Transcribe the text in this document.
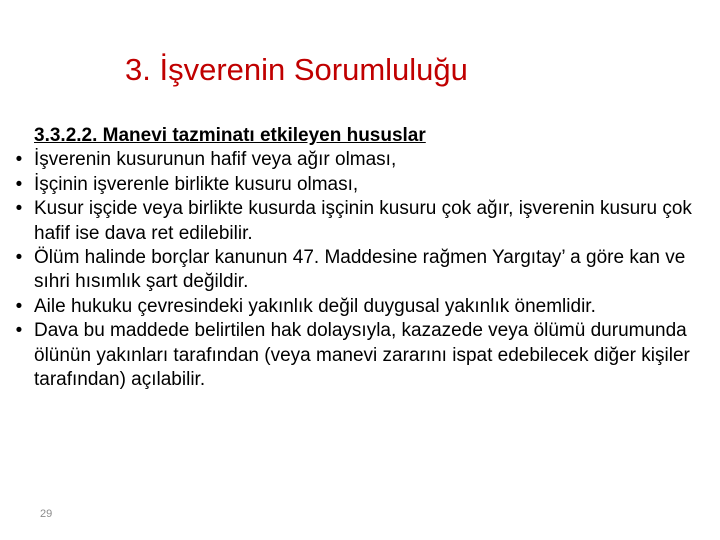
3. İşverenin Sorumluluğu
3.3.2.2. Manevi tazminatı etkileyen hususlar
• İşverenin kusurunun hafif veya ağır olması,
• İşçinin işverenle birlikte kusuru olması,
• Kusur işçide veya birlikte kusurda işçinin kusuru çok ağır, işverenin kusuru çok hafif ise dava ret edilebilir.
• Ölüm halinde borçlar kanunun 47. Maddesine rağmen Yargıtay’ a göre kan ve sıhri hısımlık şart değildir.
• Aile hukuku çevresindeki yakınlık değil duygusal yakınlık önemlidir.
• Dava bu maddede belirtilen hak dolaysıyla, kazazede veya ölümü durumunda ölünün yakınları tarafından (veya manevi zararını ispat edebilecek diğer kişiler tarafından) açılabilir.
29
